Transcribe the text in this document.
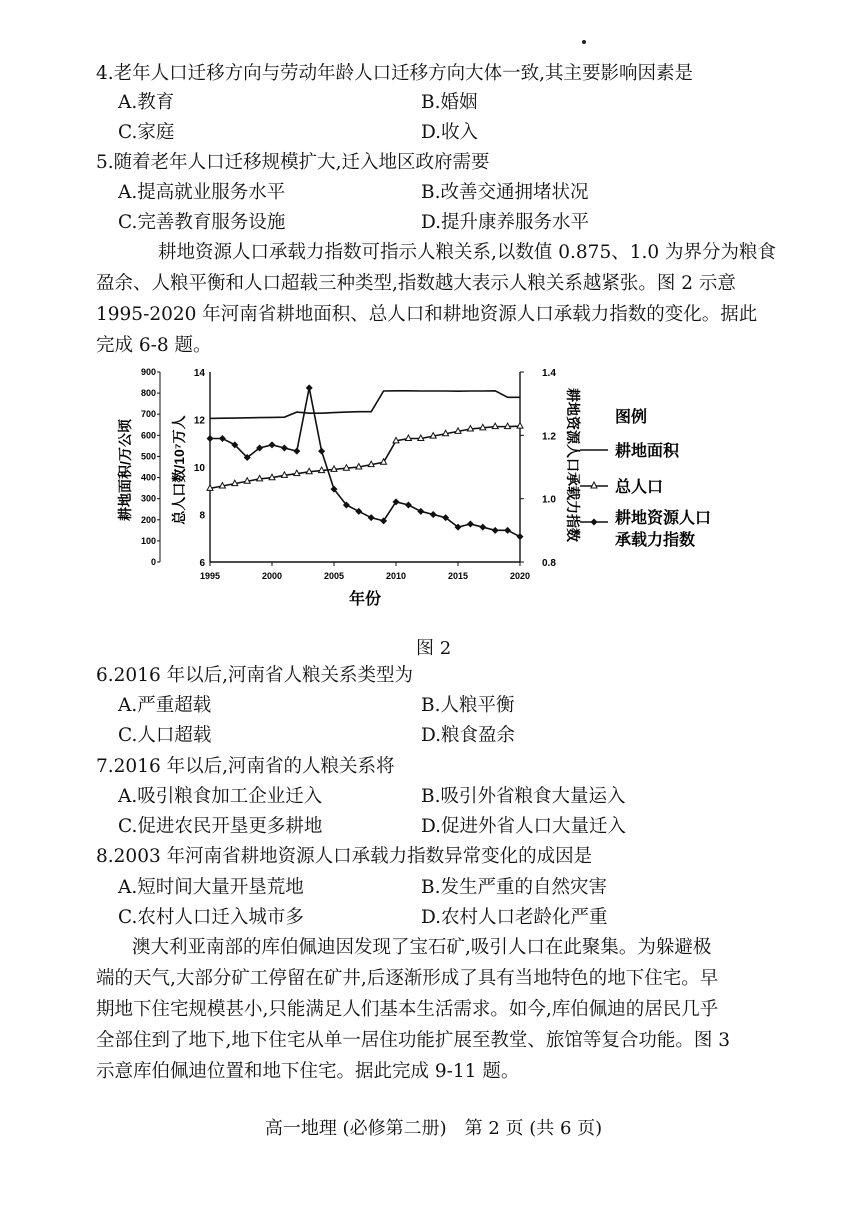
4.老年人口迁移方向与劳动年龄人口迁移方向大体一致,其主要影响因素是
A.教育	B.婚姻
C.家庭	D.收入
5.随着老年人口迁移规模扩大,迁入地区政府需要
A.提高就业服务水平	B.改善交通拥堵状况
C.完善教育服务设施	D.提升康养服务水平
耕地资源人口承载力指数可指示人粮关系,以数值 0.875、1.0 为界分为粮食
盈余、人粮平衡和人口超载三种类型,指数越大表示人粮关系越紧张。图 2 示意
1995-2020 年河南省耕地面积、总人口和耕地资源人口承载力指数的变化。据此
完成 6-8 题。
900
800
700
600
500
400
300
200
100
0
14
12
10
8
6
1.4
1.2
1.0
0.8
1995	2000	2005	2010	2015	2020
年份
耕地面积/万公顷	总人口数/10⁷万人	耕地资源人口承载力指数 图例
耕地面积
总人口
耕地资源人口
承载力指数
图 2
6.2016 年以后,河南省人粮关系类型为
A.严重超载	B.人粮平衡
C.人口超载	D.粮食盈余
7.2016 年以后,河南省的人粮关系将
A.吸引粮食加工企业迁入	B.吸引外省粮食大量运入
C.促进农民开垦更多耕地	D.促进外省人口大量迁入
8.2003 年河南省耕地资源人口承载力指数异常变化的成因是
A.短时间大量开垦荒地	B.发生严重的自然灾害
C.农村人口迁入城市多	D.农村人口老龄化严重
澳大利亚南部的库伯佩迪因发现了宝石矿,吸引人口在此聚集。为躲避极
端的天气,大部分矿工停留在矿井,后逐渐形成了具有当地特色的地下住宅。早
期地下住宅规模甚小,只能满足人们基本生活需求。如今,库伯佩迪的居民几乎
全部住到了地下,地下住宅从单一居住功能扩展至教堂、旅馆等复合功能。图 3
示意库伯佩迪位置和地下住宅。据此完成 9-11 题。
高一地理 (必修第二册)　第 2 页 (共 6 页)
